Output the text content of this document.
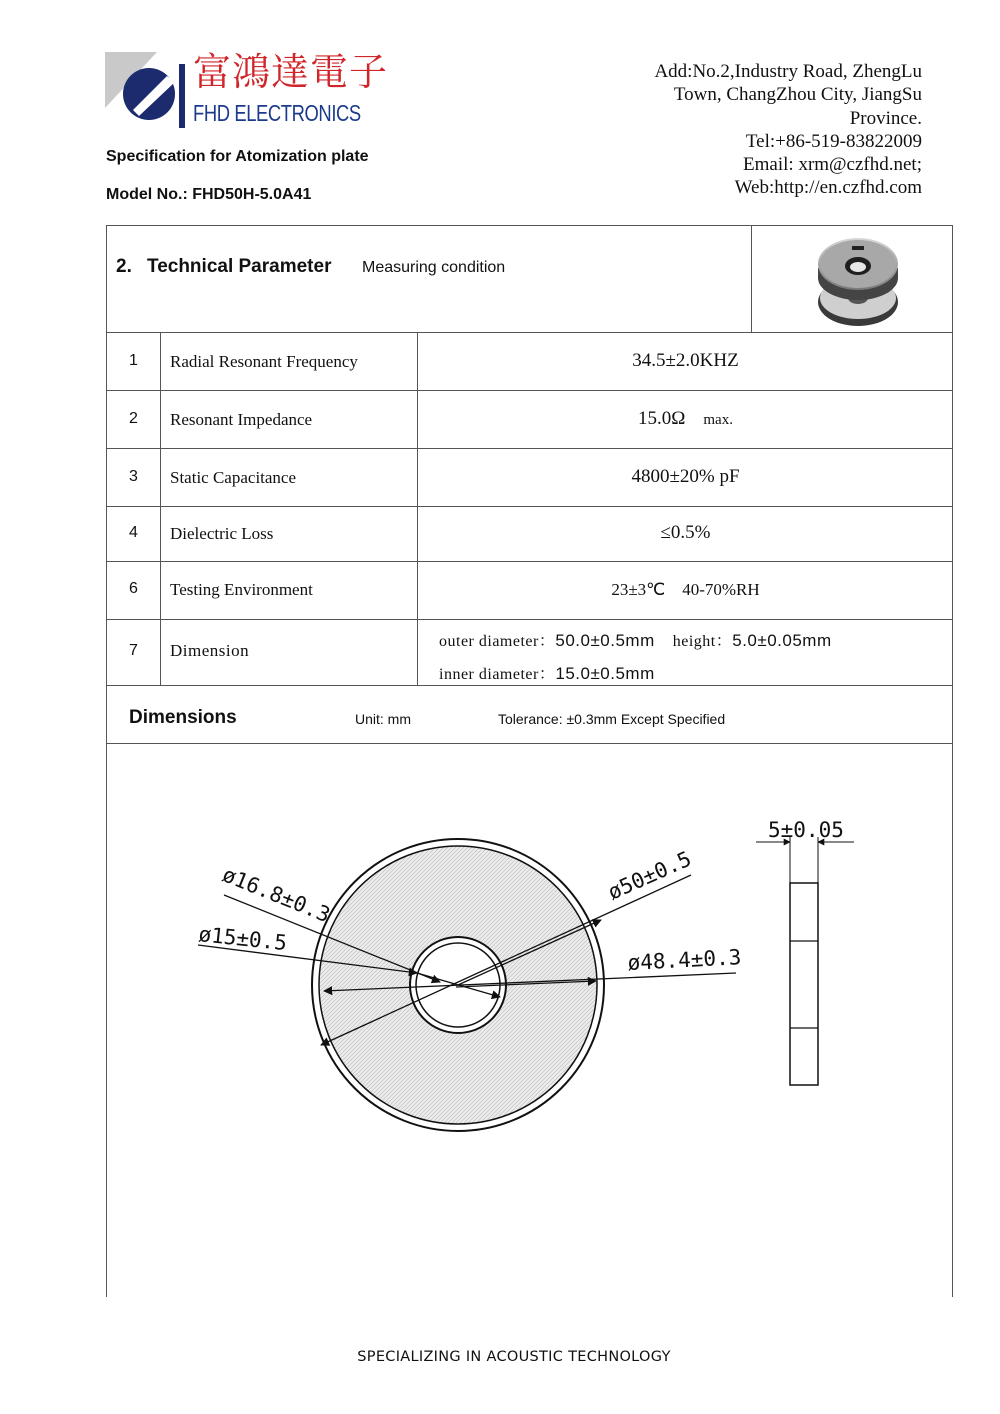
富鴻達電子
FHD ELECTRONICS
Specification for Atomization plate
Model No.: FHD50H-5.0A41
Add:No.2,Industry Road, ZhengLu
Town, ChangZhou City, JiangSu
Province.
Tel:+86-519-83822009
Email: xrm@czfhd.net;
Web:http://en.czfhd.com
2. Technical Parameter Measuring condition
1	Radial Resonant Frequency	34.5±2.0KHZ
2	Resonant Impedance	15.0Ω max.
3	Static Capacitance	4800±20% pF
4	Dielectric Loss	≤0.5%
6	Testing Environment	23±3℃    40-70%RH
7	Dimension	outer diameter：50.0±0.5mm height：5.0±0.05mm
inner diameter：15.0±0.5mm
Dimensions	Unit: mm	Tolerance: ±0.3mm Except Specified
ø16.8±0.3
ø15±0.5
ø50±0.5
ø48.4±0.3
5±0.05
SPECIALIZING IN ACOUSTIC TECHNOLOGY
